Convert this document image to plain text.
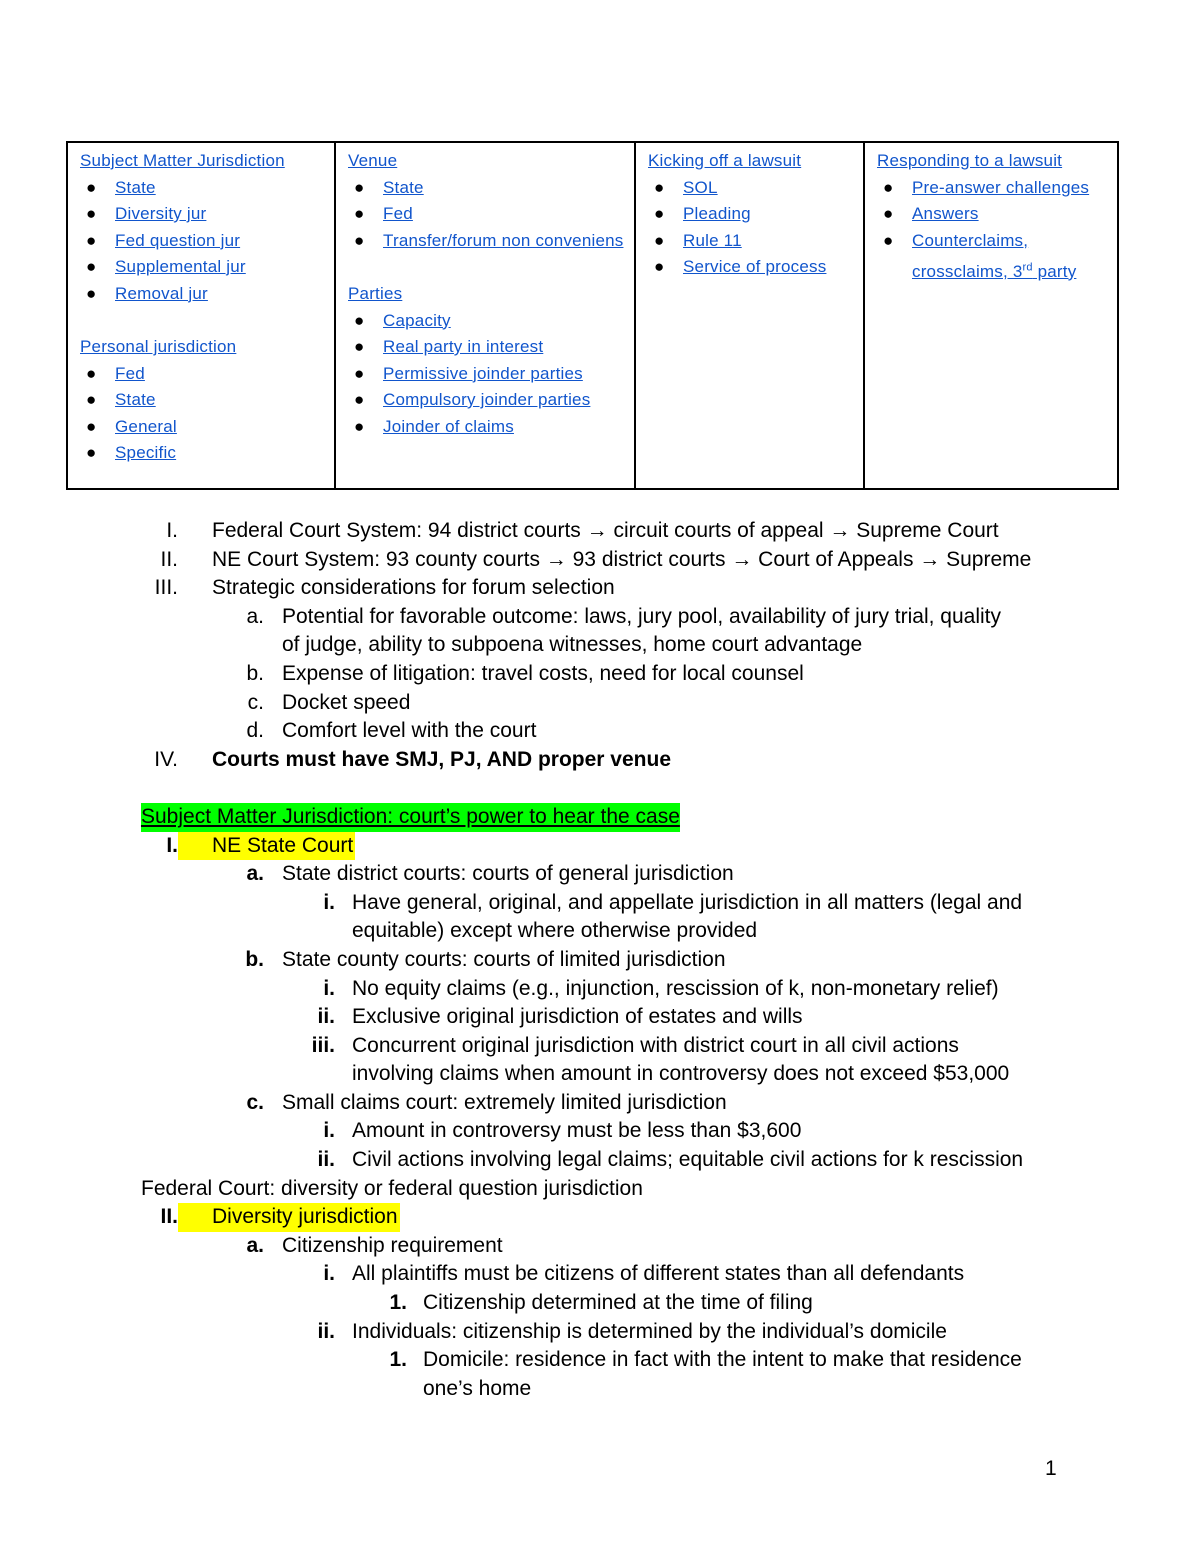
Subject Matter Jurisdiction
● State
● Diversity jur
● Fed question jur
● Supplemental jur
● Removal jur
Personal jurisdiction
● Fed
● State
● General
● Specific
Venue
● State
● Fed
● Transfer/forum non conveniens
Parties
● Capacity
● Real party in interest
● Permissive joinder parties
● Compulsory joinder parties
● Joinder of claims
Kicking off a lawsuit
● SOL
● Pleading
● Rule 11
● Service of process
Responding to a lawsuit
● Pre-answer challenges
● Answers
● Counterclaims, crossclaims, 3rd party
I. Federal Court System: 94 district courts → circuit courts of appeal → Supreme Court
II. NE Court System: 93 county courts → 93 district courts → Court of Appeals → Supreme
III. Strategic considerations for forum selection
a. Potential for favorable outcome: laws, jury pool, availability of jury trial, quality
of judge, ability to subpoena witnesses, home court advantage
b. Expense of litigation: travel costs, need for local counsel
c. Docket speed
d. Comfort level with the court
IV. Courts must have SMJ, PJ, AND proper venue
Subject Matter Jurisdiction: court’s power to hear the case
I.	NE State Court
a. State district courts: courts of general jurisdiction
i. Have general, original, and appellate jurisdiction in all matters (legal and
equitable) except where otherwise provided
b. State county courts: courts of limited jurisdiction
i. No equity claims (e.g., injunction, rescission of k, non-monetary relief)
ii. Exclusive original jurisdiction of estates and wills
iii. Concurrent original jurisdiction with district court in all civil actions
involving claims when amount in controversy does not exceed $53,000
c. Small claims court: extremely limited jurisdiction
i. Amount in controversy must be less than $3,600
ii. Civil actions involving legal claims; equitable civil actions for k rescission
Federal Court: diversity or federal question jurisdiction
II.	Diversity jurisdiction
a. Citizenship requirement
i. All plaintiffs must be citizens of different states than all defendants
1. Citizenship determined at the time of filing
ii. Individuals: citizenship is determined by the individual’s domicile
1. Domicile: residence in fact with the intent to make that residence
one’s home
1
